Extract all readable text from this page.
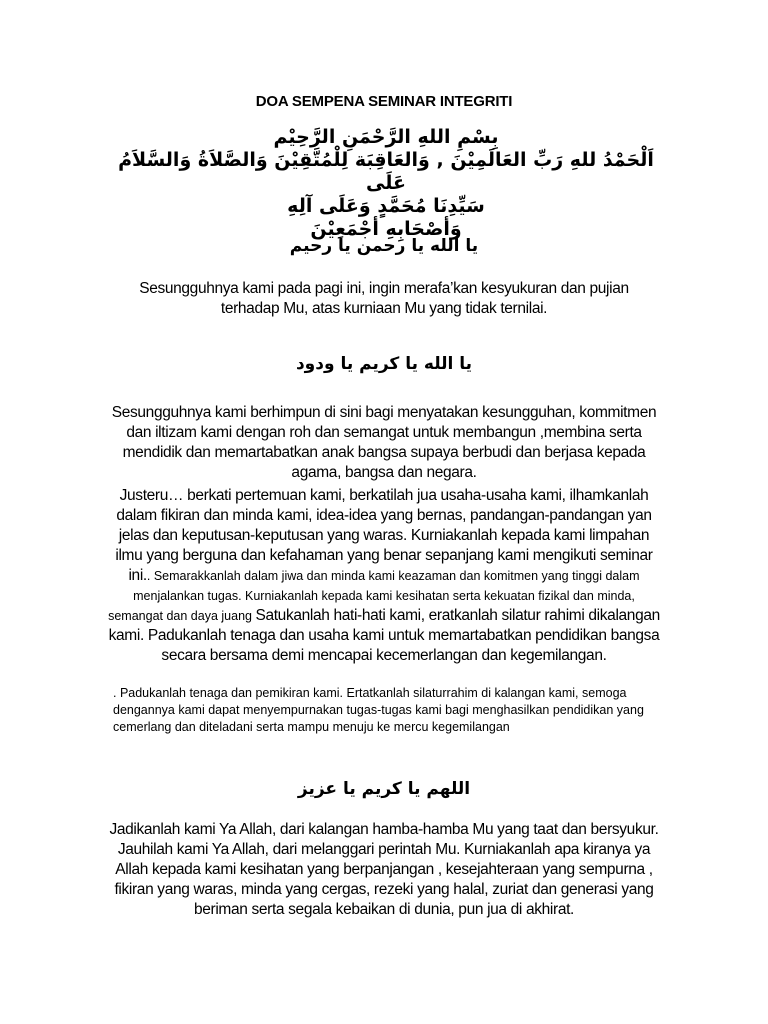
DOA SEMPENA SEMINAR INTEGRITI
بِسْمِ اللهِ الرَّحْمَنِ الرَّحِيْم
اَلْحَمْدُ للهِ رَبِّ العَالَمِيْنَ , وَالعَاقِبَة لِلْمُتَّقِيْنَ وَالصَّلاَةُ وَالسَّلاَمُ عَلَى
سَيِّدِنَا مُحَمَّدٍ وَعَلَى آلِهِ
وَأصْحَابِهِ أجْمَعِيْنَ
يا الله يا رحمن يا رحيم
Sesungguhnya kami pada pagi ini, ingin merafa’kan kesyukuran dan pujian terhadap Mu, atas kurniaan Mu yang tidak ternilai.
يا الله يا كريم يا ودود
Sesungguhnya kami berhimpun di sini bagi menyatakan kesungguhan, kommitmen dan iltizam kami dengan roh dan semangat untuk membangun ,membina serta mendidik dan memartabatkan anak bangsa supaya berbudi dan berjasa kepada agama, bangsa dan negara.
Justeru… berkati pertemuan kami, berkatilah jua usaha-usaha kami, ilhamkanlah dalam fikiran dan minda kami, idea-idea yang bernas, pandangan-pandangan yan jelas dan keputusan-keputusan yang waras. Kurniakanlah kepada kami limpahan ilmu yang berguna dan kefahaman yang benar sepanjang kami mengikuti seminar ini.. Semarakkanlah dalam jiwa dan minda kami keazaman dan komitmen yang tinggi dalam menjalankan tugas. Kurniakanlah kepada kami kesihatan serta kekuatan fizikal dan minda, semangat dan daya juang Satukanlah hati-hati kami, eratkanlah silatur rahimi dikalangan kami. Padukanlah tenaga dan usaha kami untuk memartabatkan pendidikan bangsa secara bersama demi mencapai kecemerlangan dan kegemilangan.
. Padukanlah tenaga dan pemikiran kami. Ertatkanlah silaturrahim di kalangan kami, semoga dengannya kami dapat menyempurnakan tugas-tugas kami bagi menghasilkan pendidikan yang cemerlang dan diteladani serta mampu menuju ke mercu kegemilangan
اللهم يا كريم يا عزيز
Jadikanlah kami Ya Allah, dari kalangan hamba-hamba Mu yang taat dan bersyukur. Jauhilah kami Ya Allah, dari melanggari perintah Mu. Kurniakanlah apa kiranya ya Allah kepada kami kesihatan yang berpanjangan , kesejahteraan yang sempurna , fikiran yang waras, minda yang cergas, rezeki yang halal, zuriat dan generasi yang beriman serta segala kebaikan di dunia, pun jua di akhirat.
